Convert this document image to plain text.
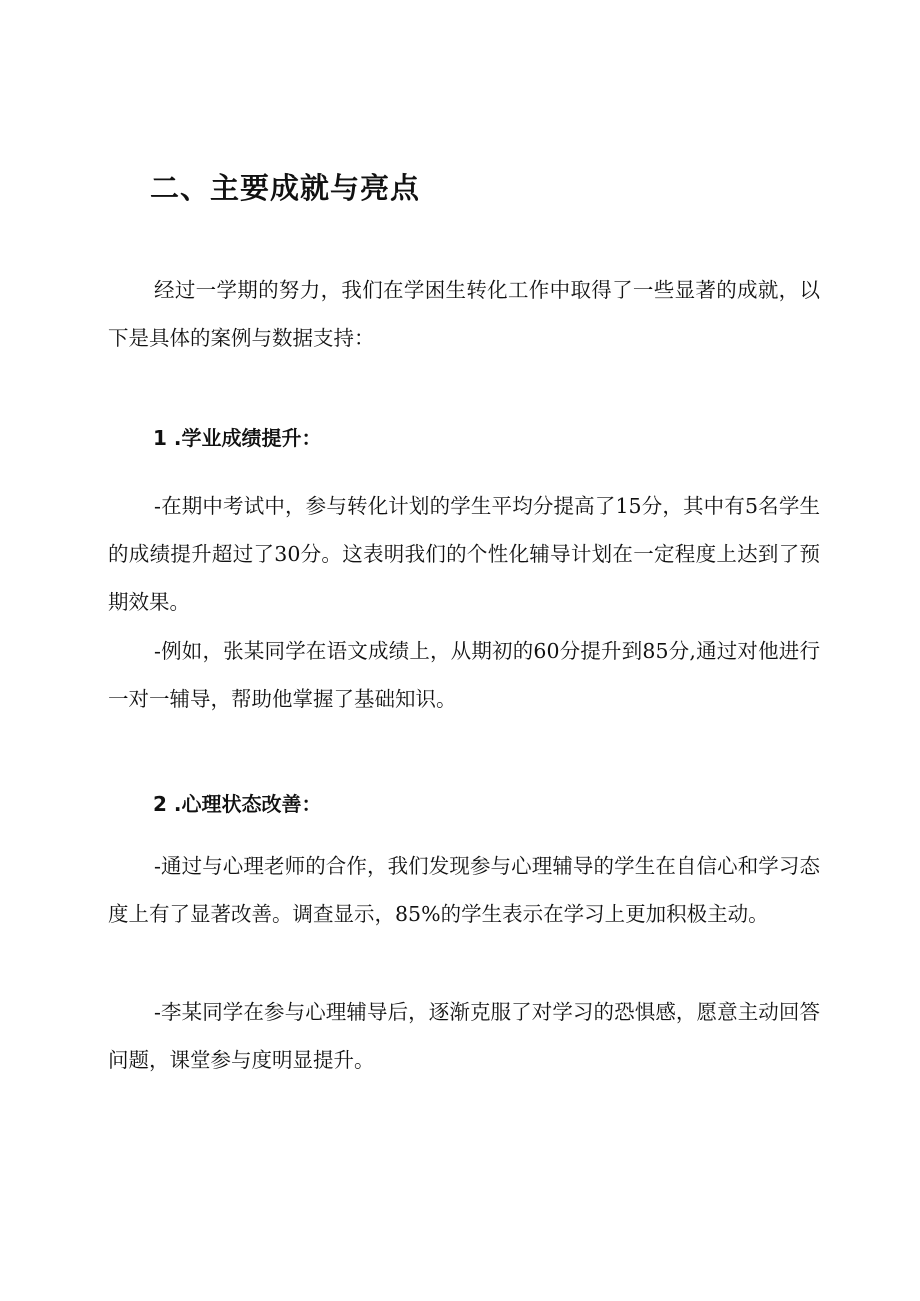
二、主要成就与亮点

经过一学期的努力，我们在学困生转化工作中取得了一些显著的成就，以下是具体的案例与数据支持：

1 .学业成绩提升：

-在期中考试中，参与转化计划的学生平均分提高了15分，其中有5名学生的成绩提升超过了30分。这表明我们的个性化辅导计划在一定程度上达到了预期效果。

-例如，张某同学在语文成绩上，从期初的60分提升到85分,通过对他进行一对一辅导，帮助他掌握了基础知识。

2 .心理状态改善：

-通过与心理老师的合作，我们发现参与心理辅导的学生在自信心和学习态度上有了显著改善。调查显示，85%的学生表示在学习上更加积极主动。

-李某同学在参与心理辅导后，逐渐克服了对学习的恐惧感，愿意主动回答问题，课堂参与度明显提升。
